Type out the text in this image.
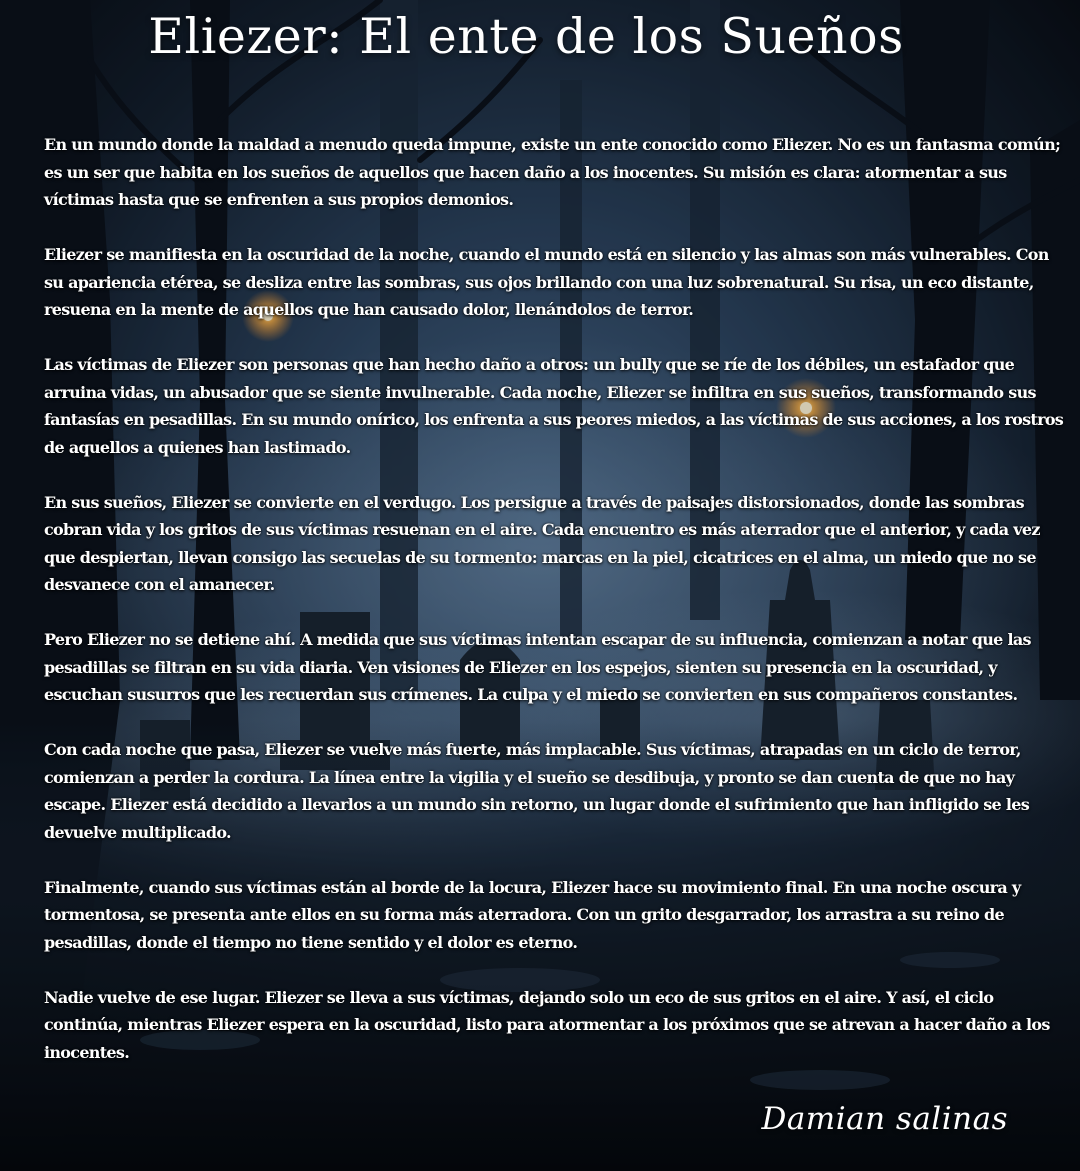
Eliezer: El ente de los Sueños

En un mundo donde la maldad a menudo queda impune, existe un ente conocido como Eliezer. No es un fantasma común; es un ser que habita en los sueños de aquellos que hacen daño a los inocentes. Su misión es clara: atormentar a sus víctimas hasta que se enfrenten a sus propios demonios.

Eliezer se manifiesta en la oscuridad de la noche, cuando el mundo está en silencio y las almas son más vulnerables. Con su apariencia etérea, se desliza entre las sombras, sus ojos brillando con una luz sobrenatural. Su risa, un eco distante, resuena en la mente de aquellos que han causado dolor, llenándolos de terror.

Las víctimas de Eliezer son personas que han hecho daño a otros: un bully que se ríe de los débiles, un estafador que arruina vidas, un abusador que se siente invulnerable. Cada noche, Eliezer se infiltra en sus sueños, transformando sus fantasías en pesadillas. En su mundo onírico, los enfrenta a sus peores miedos, a las víctimas de sus acciones, a los rostros de aquellos a quienes han lastimado.

En sus sueños, Eliezer se convierte en el verdugo. Los persigue a través de paisajes distorsionados, donde las sombras cobran vida y los gritos de sus víctimas resuenan en el aire. Cada encuentro es más aterrador que el anterior, y cada vez que despiertan, llevan consigo las secuelas de su tormento: marcas en la piel, cicatrices en el alma, un miedo que no se desvanece con el amanecer.

Pero Eliezer no se detiene ahí. A medida que sus víctimas intentan escapar de su influencia, comienzan a notar que las pesadillas se filtran en su vida diaria. Ven visiones de Eliezer en los espejos, sienten su presencia en la oscuridad, y escuchan susurros que les recuerdan sus crímenes. La culpa y el miedo se convierten en sus compañeros constantes.

Con cada noche que pasa, Eliezer se vuelve más fuerte, más implacable. Sus víctimas, atrapadas en un ciclo de terror, comienzan a perder la cordura. La línea entre la vigilia y el sueño se desdibuja, y pronto se dan cuenta de que no hay escape. Eliezer está decidido a llevarlos a un mundo sin retorno, un lugar donde el sufrimiento que han infligido se les devuelve multiplicado.

Finalmente, cuando sus víctimas están al borde de la locura, Eliezer hace su movimiento final. En una noche oscura y tormentosa, se presenta ante ellos en su forma más aterradora. Con un grito desgarrador, los arrastra a su reino de pesadillas, donde el tiempo no tiene sentido y el dolor es eterno.

Nadie vuelve de ese lugar. Eliezer se lleva a sus víctimas, dejando solo un eco de sus gritos en el aire. Y así, el ciclo continúa, mientras Eliezer espera en la oscuridad, listo para atormentar a los próximos que se atrevan a hacer daño a los inocentes.

Damian salinas
